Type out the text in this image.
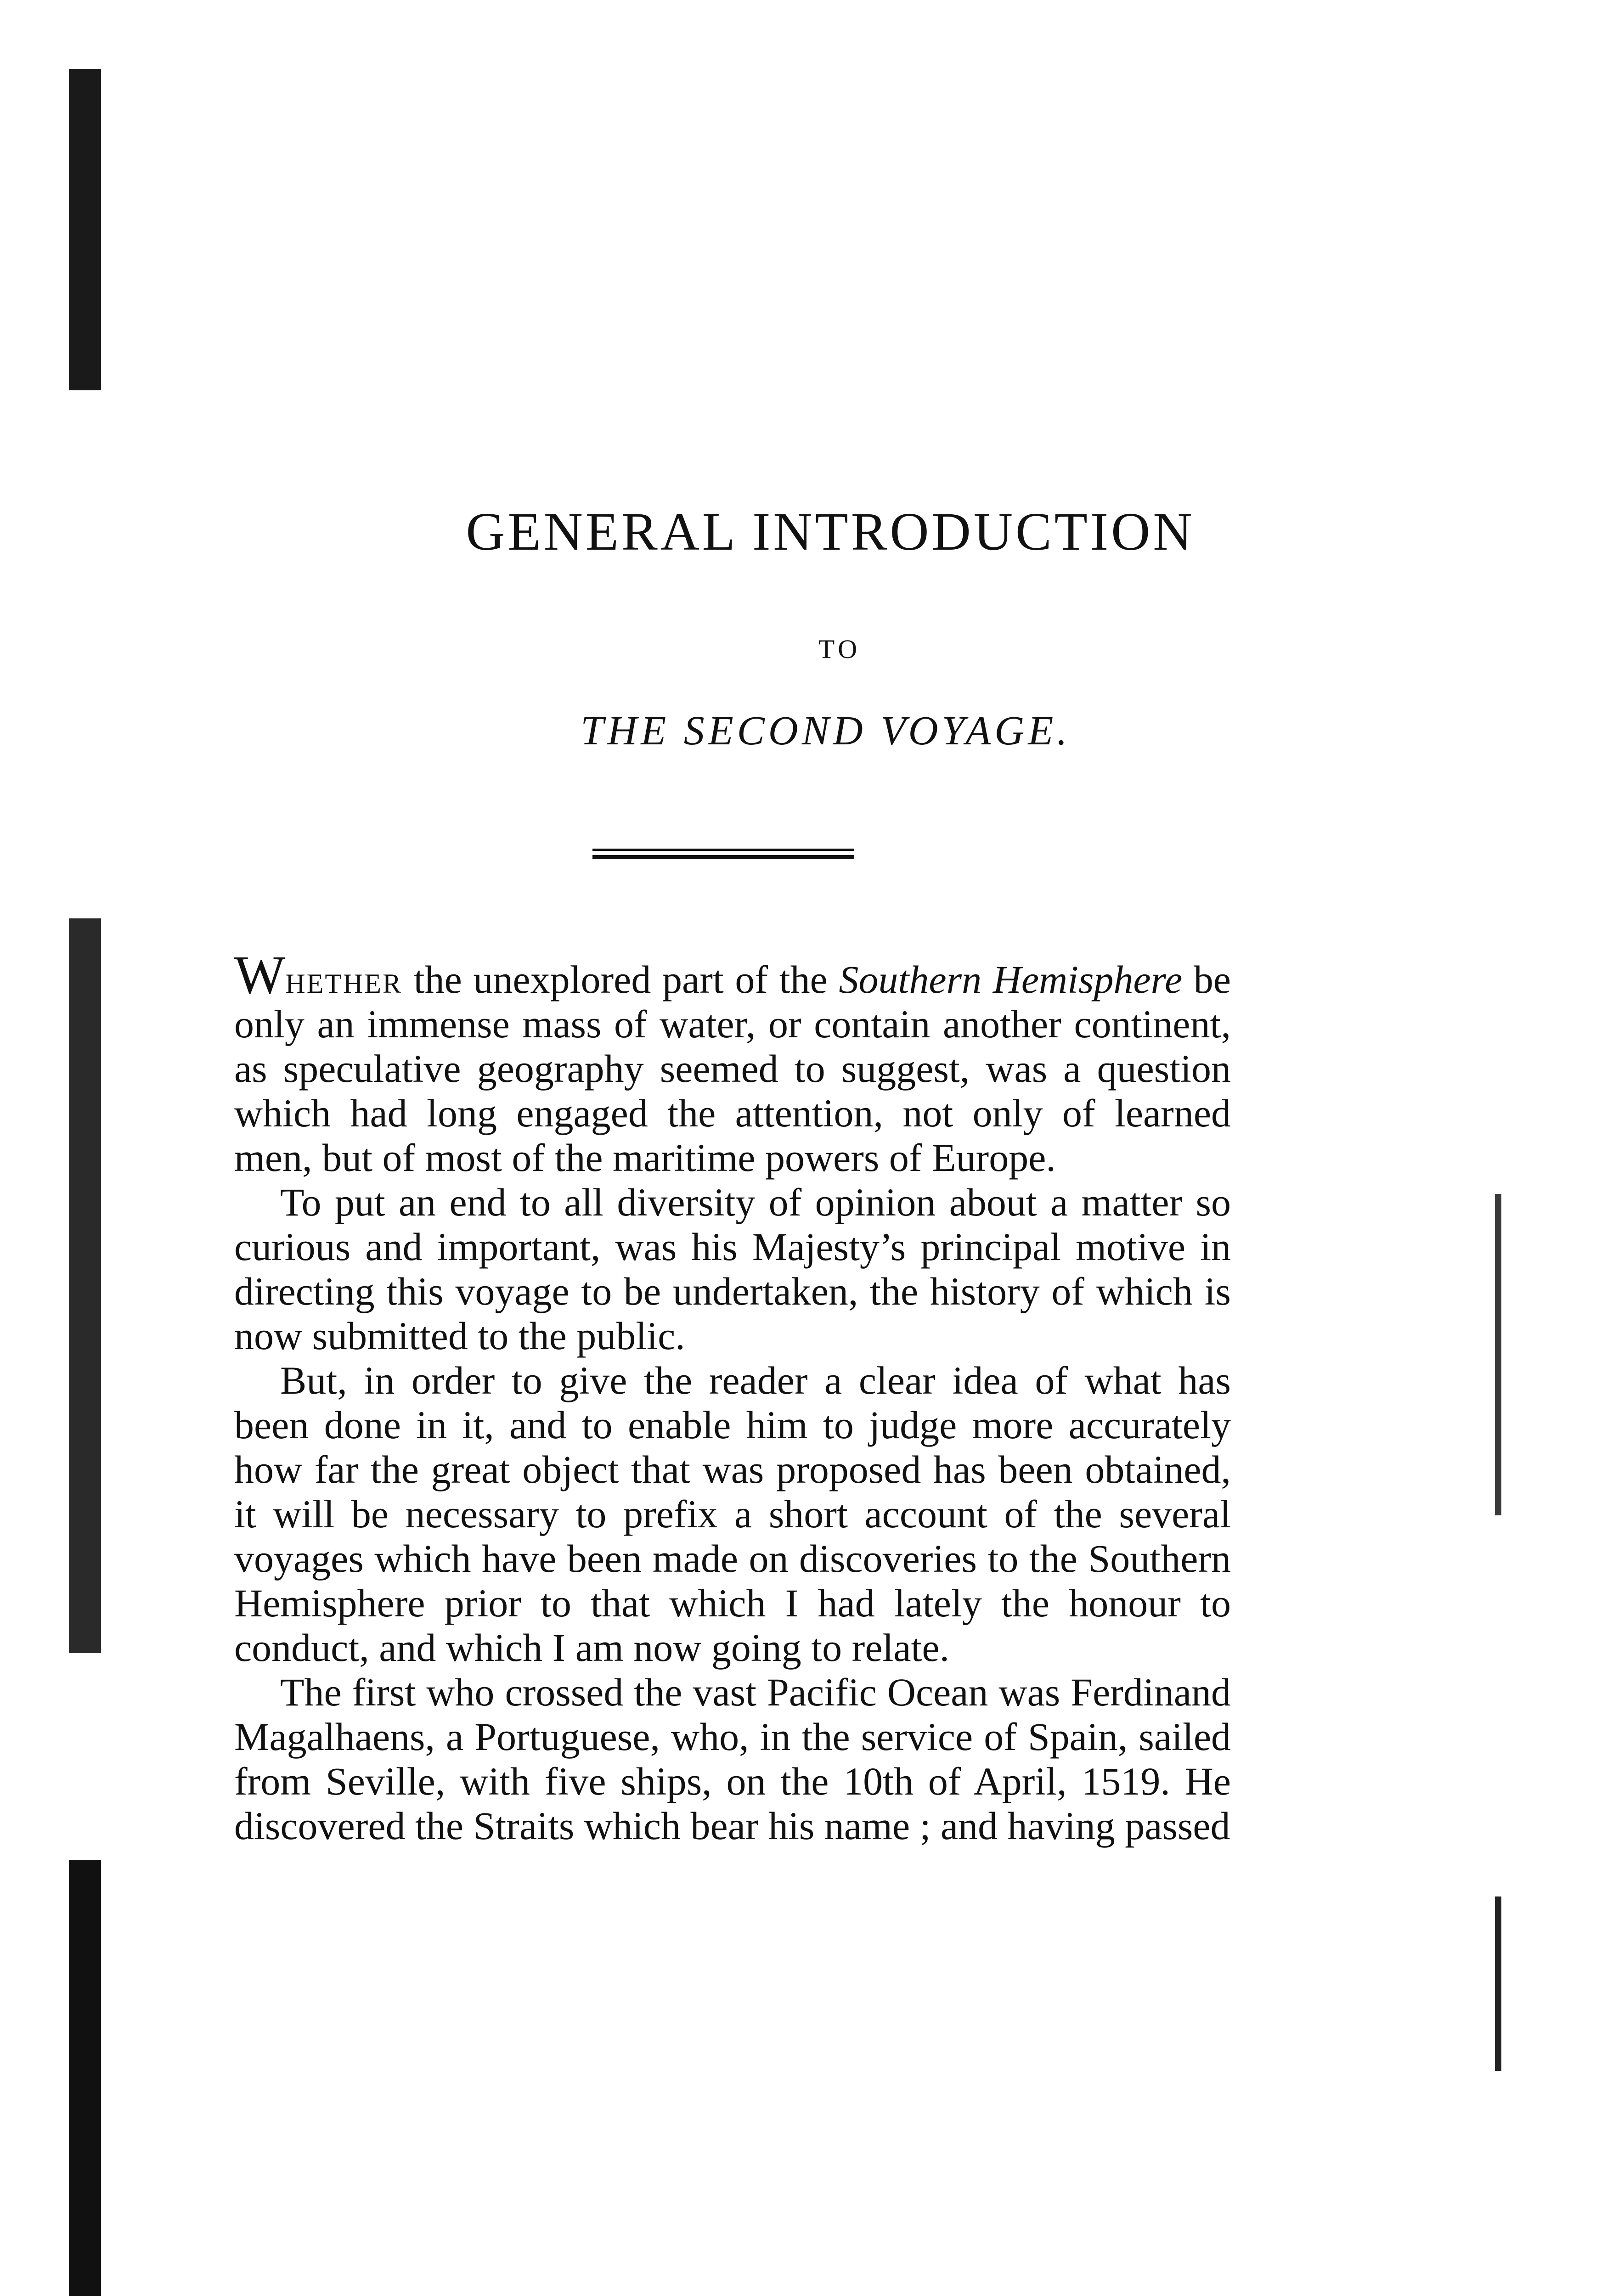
GENERAL INTRODUCTION
TO
THE SECOND VOYAGE.

Whether the unexplored part of the Southern Hemisphere be only an immense mass of water, or contain another continent, as speculative geography seemed to suggest, was a question which had long engaged the attention, not only of learned men, but of most of the maritime powers of Europe.

To put an end to all diversity of opinion about a matter so curious and important, was his Majesty’s principal motive in directing this voyage to be undertaken, the history of which is now submitted to the public.

But, in order to give the reader a clear idea of what has been done in it, and to enable him to judge more accurately how far the great object that was proposed has been obtained, it will be necessary to prefix a short account of the several voyages which have been made on discoveries to the Southern Hemisphere prior to that which I had lately the honour to conduct, and which I am now going to relate.

The first who crossed the vast Pacific Ocean was Ferdinand Magalhaens, a Portuguese, who, in the service of Spain, sailed from Seville, with five ships, on the 10th of April, 1519. He discovered the Straits which bear his name ; and having passed
